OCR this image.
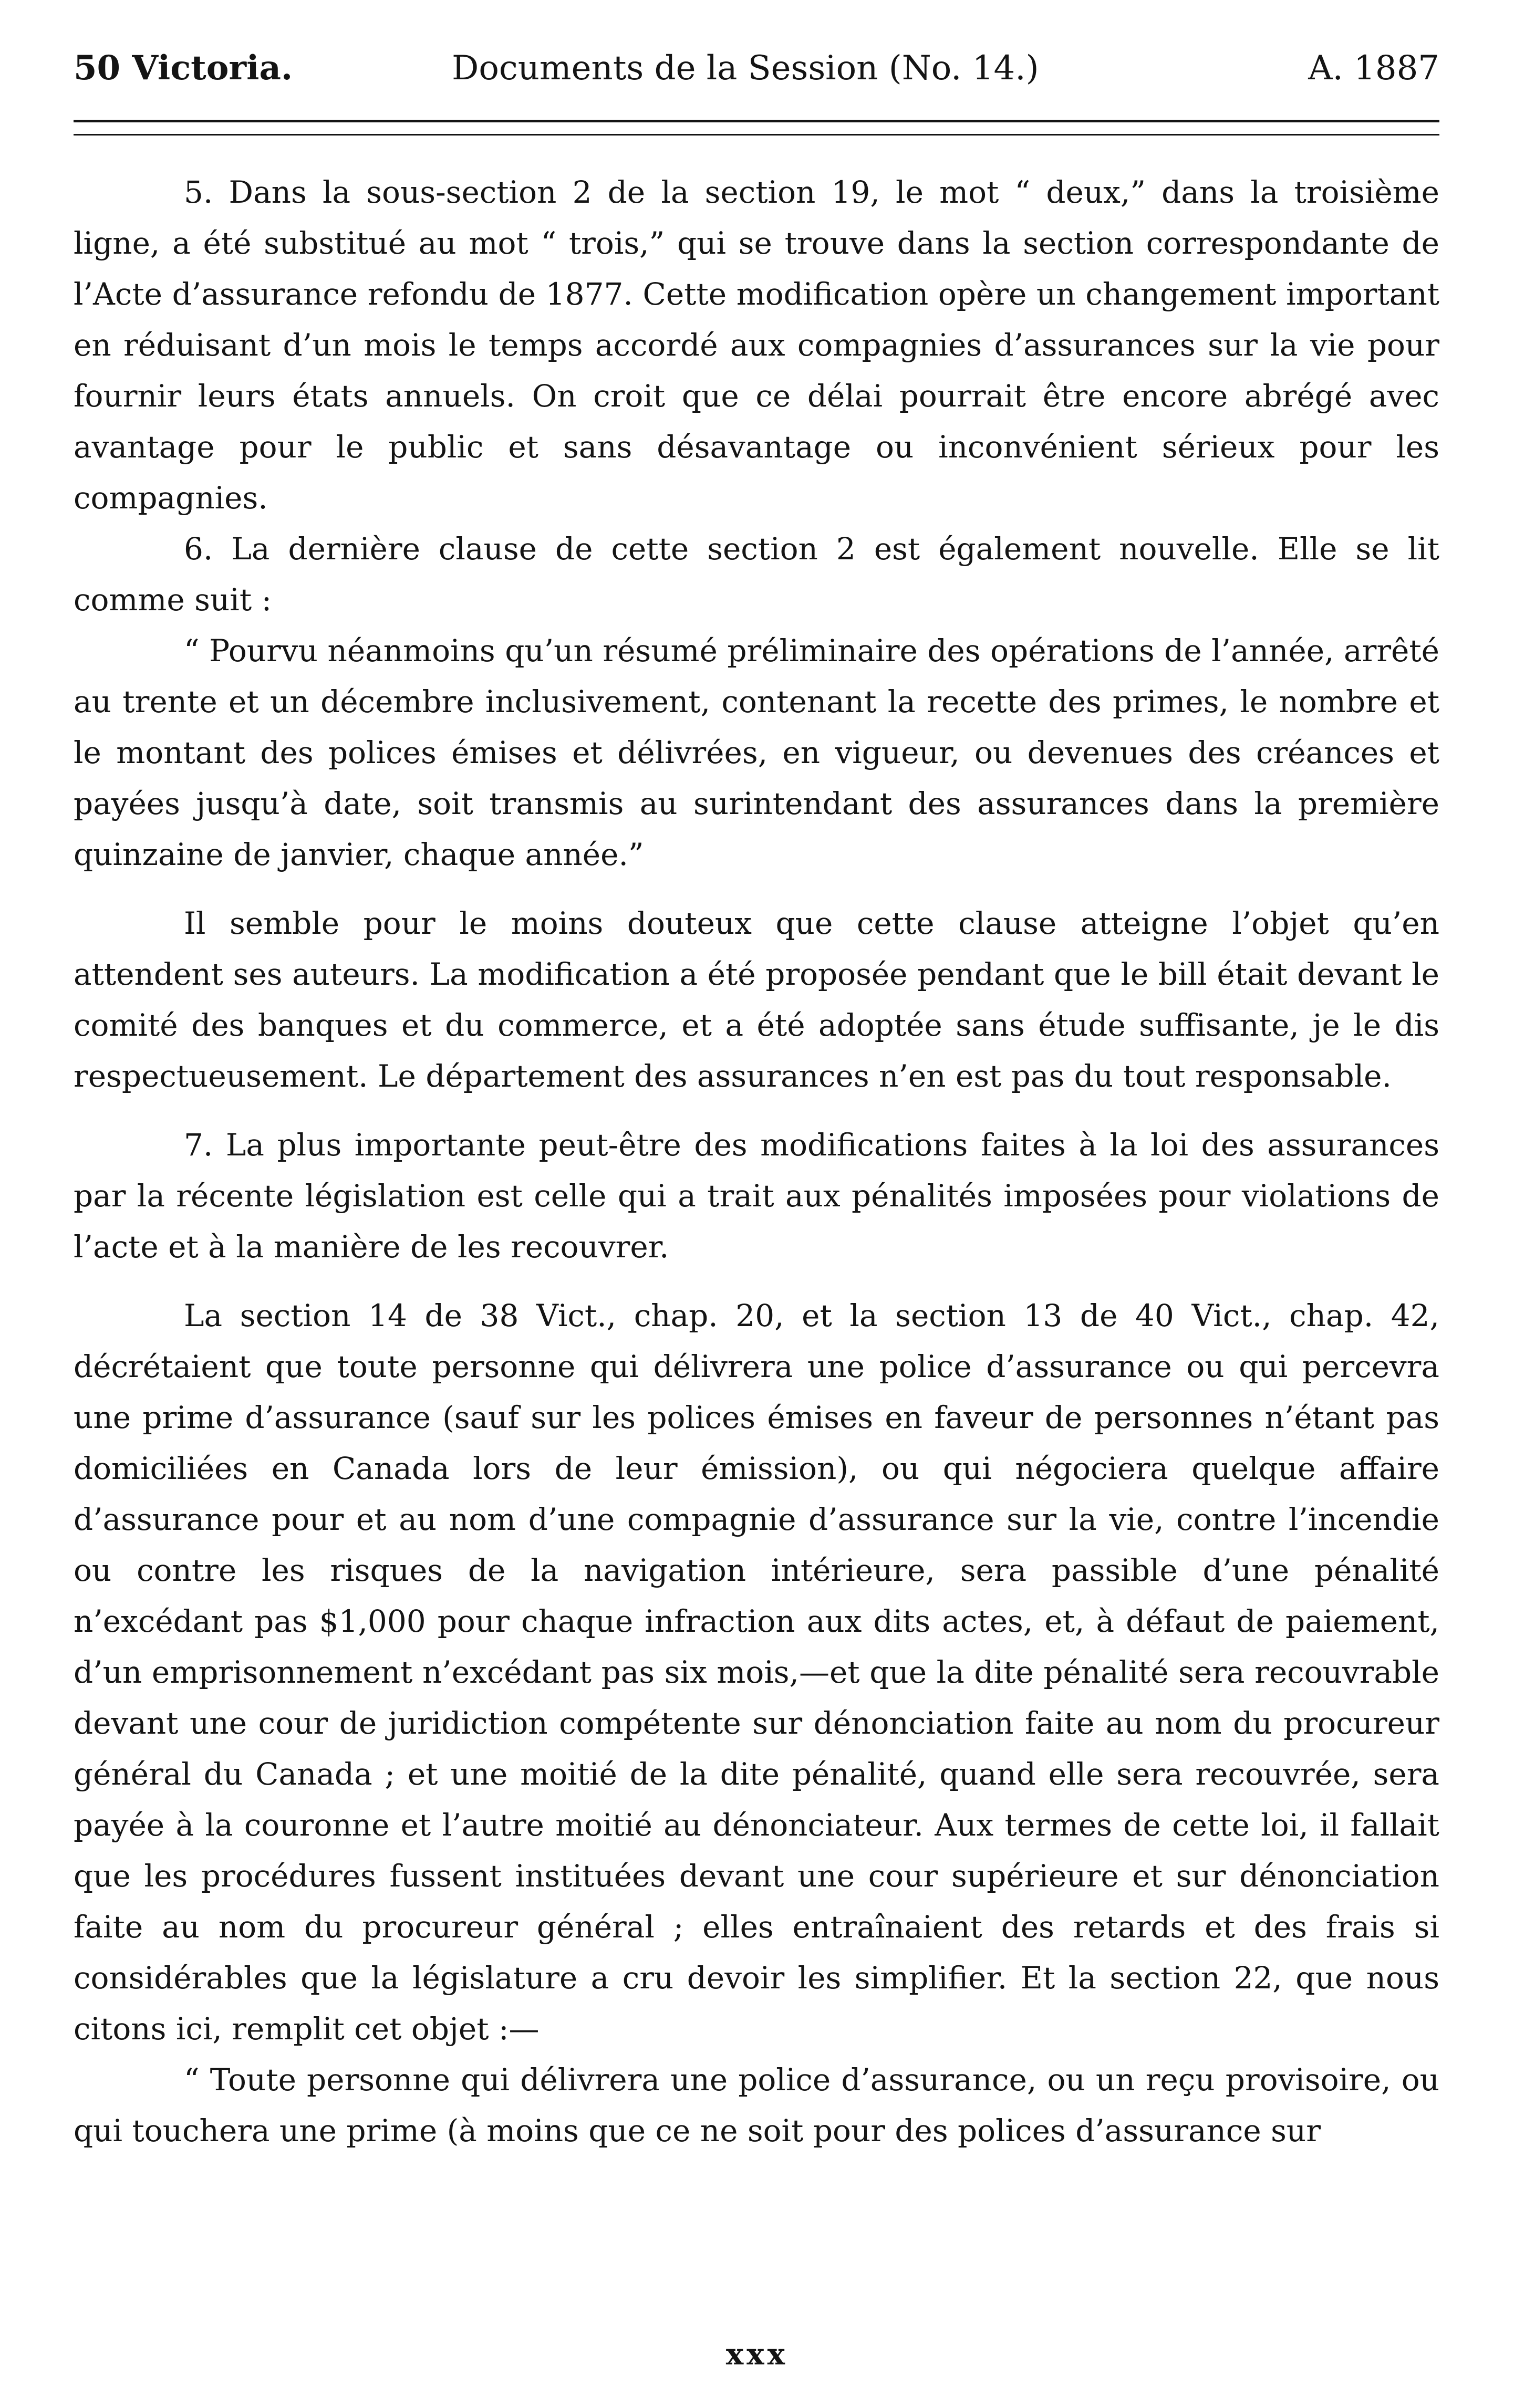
50 Victoria.	Documents de la Session (No. 14.)	A. 1887

5. Dans la sous-section 2 de la section 19, le mot “ deux,” dans la troisième ligne, a été substitué au mot “ trois,” qui se trouve dans la section correspondante de l’Acte d’assurance refondu de 1877. Cette modification opère un changement important en réduisant d’un mois le temps accordé aux compagnies d’assurances sur la vie pour fournir leurs états annuels. On croit que ce délai pourrait être encore abrégé avec avantage pour le public et sans désavantage ou inconvénient sérieux pour les compagnies.

6. La dernière clause de cette section 2 est également nouvelle. Elle se lit comme suit :

“ Pourvu néanmoins qu’un résumé préliminaire des opérations de l’année, arrêté au trente et un décembre inclusivement, contenant la recette des primes, le nombre et le montant des polices émises et délivrées, en vigueur, ou devenues des créances et payées jusqu’à date, soit transmis au surintendant des assurances dans la première quinzaine de janvier, chaque année.”

Il semble pour le moins douteux que cette clause atteigne l’objet qu’en attendent ses auteurs. La modification a été proposée pendant que le bill était devant le comité des banques et du commerce, et a été adoptée sans étude suffisante, je le dis respectueusement. Le département des assurances n’en est pas du tout responsable.

7. La plus importante peut-être des modifications faites à la loi des assurances par la récente législation est celle qui a trait aux pénalités imposées pour violations de l’acte et à la manière de les recouvrer.

La section 14 de 38 Vict., chap. 20, et la section 13 de 40 Vict., chap. 42, décrétaient que toute personne qui délivrera une police d’assurance ou qui percevra une prime d’assurance (sauf sur les polices émises en faveur de personnes n’étant pas domiciliées en Canada lors de leur émission), ou qui négociera quelque affaire d’assurance pour et au nom d’une compagnie d’assurance sur la vie, contre l’incendie ou contre les risques de la navigation intérieure, sera passible d’une pénalité n’excédant pas $1,000 pour chaque infraction aux dits actes, et, à défaut de paiement, d’un emprisonnement n’excédant pas six mois,—et que la dite pénalité sera recouvrable devant une cour de juridiction compétente sur dénonciation faite au nom du procureur général du Canada ; et une moitié de la dite pénalité, quand elle sera recouvrée, sera payée à la couronne et l’autre moitié au dénonciateur. Aux termes de cette loi, il fallait que les procédures fussent instituées devant une cour supérieure et sur dénonciation faite au nom du procureur général ; elles entraînaient des retards et des frais si considérables que la législature a cru devoir les simplifier. Et la section 22, que nous citons ici, remplit cet objet :—

“ Toute personne qui délivrera une police d’assurance, ou un reçu provisoire, ou qui touchera une prime (à moins que ce ne soit pour des polices d’assurance sur

xxx
